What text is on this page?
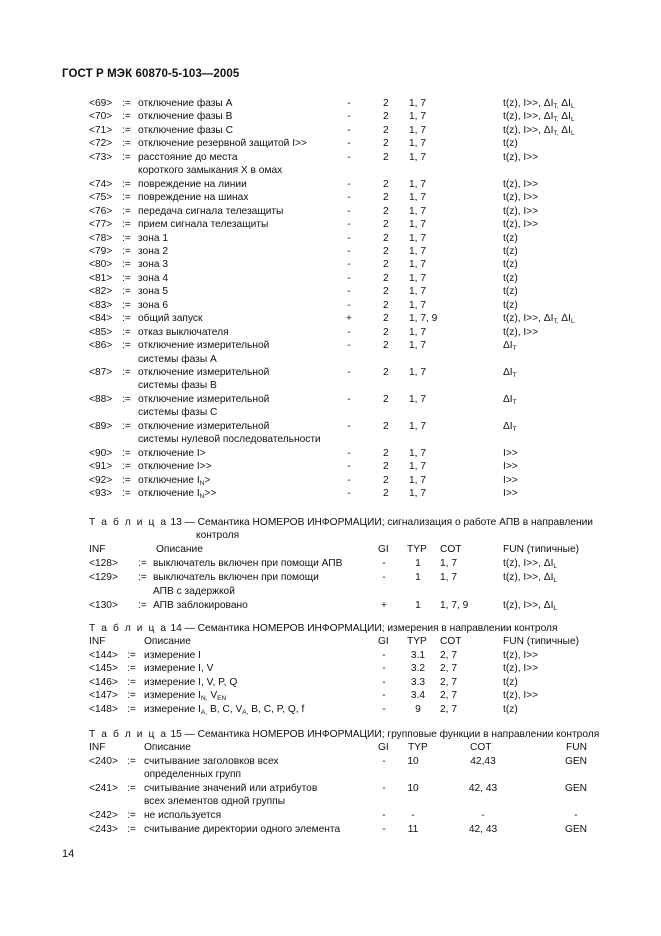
ГОСТ Р МЭК 60870-5-103—2005
<69> := отключение фазы А	-	2 1, 7	t(z), I>>, $\Delta I_{T,}$ $\Delta I_L$
<70> := отключение фазы В	-	2 1, 7	t(z), I>>, $\Delta I_{T,}$ $\Delta I_L$
<71> := отключение фазы С	-	2 1, 7	t(z), I>>, $\Delta I_{T,}$ $\Delta I_L$
<72> := отключение резервной защитой I>>	-	2 1, 7	t(z)
<73> := расстояние до места	-	2 1, 7	t(z), I>>
короткого замыкания X в омах
<74> := повреждение на линии	-	2 1, 7	t(z), I>>
<75> := повреждение на шинах	-	2 1, 7	t(z), I>>
<76> := передача сигнала телезащиты	-	2 1, 7	t(z), I>>
<77> := прием сигнала телезащиты	-	2 1, 7	t(z), I>>
<78> := зона 1	-	2 1, 7	t(z)
<79> := зона 2	-	2 1, 7	t(z)
<80> := зона 3	-	2 1, 7	t(z)
<81> := зона 4	-	2 1, 7	t(z)
<82> := зона 5	-	2 1, 7	t(z)
<83> := зона 6	-	2 1, 7	t(z)
<84> := общий запуск	+	2 1, 7, 9	t(z), I>>, $\Delta I_{T,}$ $\Delta I_L$
<85> := отказ выключателя	-	2 1, 7	t(z), I>>
<86> := отключение измерительной	-	2 1, 7	$\Delta I_T$
системы фазы А
<87> := отключение измерительной	-	2 1, 7	$\Delta I_T$
системы фазы В
<88> := отключение измерительной	-	2 1, 7	$\Delta I_T$
системы фазы С
<89> := отключение измерительной	-	2 1, 7	$\Delta I_T$
системы нулевой последовательности
<90> := отключение I>	-	2 1, 7	I>>
<91> := отключение I>>	-	2 1, 7	I>>
<92> := отключение $I_N>$	-	2 1, 7	I>>
<93> := отключение $I_N>>$	-	2 1, 7	I>>
Т а б л и ц а 13 — Семантика НОМЕРОВ ИНФОРМАЦИИ; сигнализация о работе АПВ в направлении
контроля
INF	Описание	GI TYP COT	FUN (типичные)
<128> := выключатель включен при помощи АПВ	-	1	1, 7	t(z), I>>, $\Delta I_L$
<129> := выключатель включен при помощи	-	1	1, 7	t(z), I>>, $\Delta I_L$
АПВ с задержкой
<130> := АПВ заблокировано	+	1	1, 7, 9	t(z), I>>, $\Delta I_L$
Т а б л и ц а 14 — Семантика НОМЕРОВ ИНФОРМАЦИИ; измерения в направлении контроля
INF	Описание	GI TYP COT	FUN (типичные)
<144> := измерение I	-	3.1	2, 7	t(z), I>>
<145> := измерение I, V	-	3.2	2, 7	t(z), I>>
<146> := измерение I, V, P, Q	-	3.3	2, 7	t(z)
<147> := измерение $I_{N,}$ $V_{EN}$	-	3.4	2, 7	t(z), I>>
<148> := измерение $I_{A,}$ B, C, $V_{A,}$ B, C, P, Q, f	-	9	2, 7	t(z)
Т а б л и ц а 15 — Семантика НОМЕРОВ ИНФОРМАЦИИ; групповые функции в направлении контроля
INF	Описание	GI TYP	COT	FUN
<240> := считывание заголовков всех	-	10	42,43	GEN
определенных групп
<241> := считывание значений или атрибутов	-	10	42, 43	GEN
всех элементов одной группы
<242> := не используется	-	-	-	-
<243> := считывание директории одного элемента	-	11	42, 43	GEN
14
